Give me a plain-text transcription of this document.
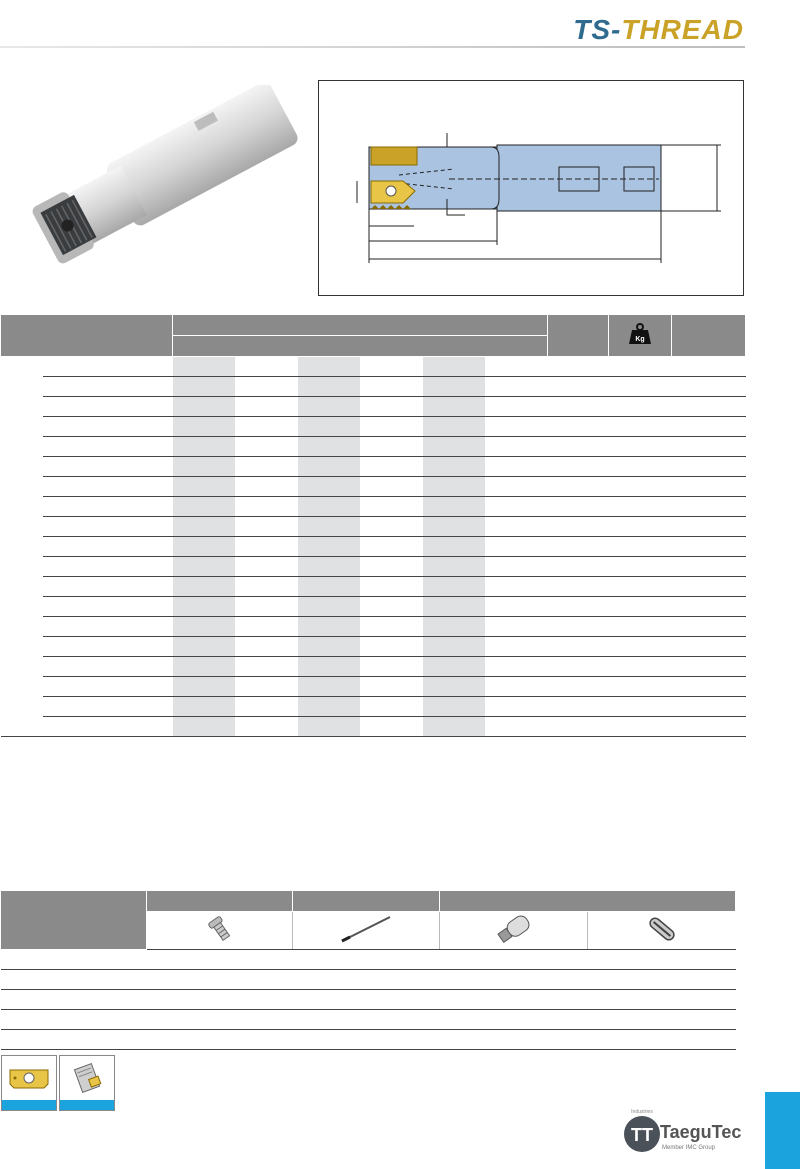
TS-THREAD

Kg	

TT
Industries
TaeguTec
Member IMC Group
